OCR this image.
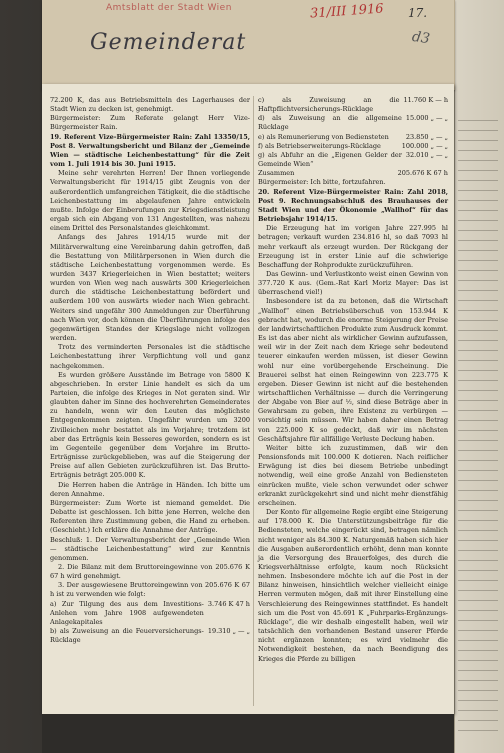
Amtsblatt der Stadt Wien	31/III 1916 17.
Gemeinderat	d3

72.200 K, das aus Betriebsmitteln des Lagerhauses der Stadt Wien zu decken ist, genehmigt.

Bürgermeister: Zum Referate gelangt Herr Vize-Bürgermeister Rain.

19. Referent Vize-Bürgermeister Rain: Zahl 13350/15, Post 8. Verwaltungsbericht und Bilanz der „Gemeinde Wien — städtische Leichenbestattung“ für die Zeit vom 1. Juli 1914 bis 30. Juni 1915.

Meine sehr verehrten Herren! Der Ihnen vorliegende Verwaltungsbericht für 1914/15 gibt Zeugnis von der außerordentlich umfangreichen Tätigkeit, die die städtische Leichenbestattung im abgelaufenen Jahre entwickeln mußte. Infolge der Einberufungen zur Kriegsdienstleistung ergab sich ein Abgang von 131 Angestellten, was nahezu einem Drittel des Personalstandes gleichkommt.

Anfangs des Jahres 1914/15 wurde mit der Militärverwaltung eine Vereinbarung dahin getroffen, daß die Bestattung von Militärpersonen in Wien durch die städtische Leichenbestattung vorgenommen werde. Es wurden 3437 Kriegerleichen in Wien bestattet; weiters wurden von Wien weg nach auswärts 300 Kriegerleichen durch die städtische Leichenbestattung befördert und außerdem 100 von auswärts wieder nach Wien gebracht. Weiters sind ungefähr 300 Anmeldungen zur Überführung nach Wien vor, doch können die Überführungen infolge des gegenwärtigen Standes der Kriegslage nicht vollzogen werden.

Trotz des verminderten Personales ist die städtische Leichenbestattung ihrer Verpflichtung voll und ganz nachgekommen.

Es wurden größere Ausstände im Betrage von 5800 K abgeschrieben. In erster Linie handelt es sich da um Parteien, die infolge des Krieges in Not geraten sind. Wir glaubten daher im Sinne des hochverehrten Gemeinderates zu handeln, wenn wir den Leuten das möglichste Entgegenkommen zeigten. Ungefähr wurden um 3200 Zivilleichen mehr bestattet als im Vorjahre; trotzdem ist aber das Erträgnis kein Besseres geworden, sondern es ist im Gegenteile gegenüber dem Vorjahre im Brutto-Erträgnisse zurückgeblieben, was auf die Steigerung der Preise auf allen Gebieten zurückzuführen ist. Das Brutto-Erträgnis beträgt 205.000 K.

Die Herren haben die Anträge in Händen. Ich bitte um deren Annahme.

Bürgermeister: Zum Worte ist niemand gemeldet. Die Debatte ist geschlossen. Ich bitte jene Herren, welche den Referenten ihre Zustimmung geben, die Hand zu erheben. (Geschieht.) Ich erkläre die Annahme der Anträge.

Beschluß: 1. Der Verwaltungsbericht der „Gemeinde Wien — städtische Leichenbestattung“ wird zur Kenntnis genommen.

2. Die Bilanz mit dem Bruttoreingewinne von 205.676 K 67 h wird genehmigt.

3. Der ausgewiesene Bruttoreingewinn von 205.676 K 67 h ist zu verwenden wie folgt:

a) Zur Tilgung des aus dem Investitions-Anlehen vom Jahre 1908 aufgewendeten Anlagekapitales
3.746 K 47 h
b) als Zuweisung an die Feuerversicherungs-Rücklage
19.310 „ — „
c) als Zuweisung an die Haftpflichtversicherungs-Rücklage
11.760 K — h
d) als Zuweisung an die allgemeine Rücklage
15.000 „ — „
e) als Remunerierung von Bediensteten	23.850 „ — „
f) als Betriebserweiterungs-Rücklage	100.000 „ — „
g) als Abfuhr an die „Eigenen Gelder der Gemeinde Wien“
32.010 „ — „
Zusammen	205.676 K 67 h

Bürgermeister: Ich bitte, fortzufahren.

20. Referent Vize-Bürgermeister Rain: Zahl 2018, Post 9. Rechnungsabschluß des Brauhauses der Stadt Wien und der Ökonomie „Wallhof“ für das Betriebsjahr 1914/15.

Die Erzeugung hat im vorigen Jahre 227.995 hl betragen; verkauft wurden 234.816 hl, so daß 7093 hl mehr verkauft als erzeugt wurden. Der Rückgang der Erzeugung ist in erster Linie auf die schwierige Beschaffung der Rohprodukte zurückzuführen.

Das Gewinn- und Verlustkonto weist einen Gewinn von 377.720 K aus. (Gem.-Rat Karl Moriz Mayer: Das ist überraschend viel!)

Insbesondere ist da zu betonen, daß die Wirtschaft „Wallhof“ einen Betriebsüberschuß von 153.944 K gebracht hat, wodurch die enorme Steigerung der Preise der landwirtschaftlichen Produkte zum Ausdruck kommt. Es ist das aber nicht als wirklicher Gewinn aufzufassen, weil wir in der Zeit nach dem Kriege sehr bedeutend teuerer einkaufen werden müssen, ist dieser Gewinn wohl nur eine vorübergehende Erscheinung. Die Brauerei selbst hat einen Reingewinn von 223.775 K ergeben. Dieser Gewinn ist nicht auf die bestehenden wirtschaftlichen Verhältnisse — durch die Verringerung der Abgabe von Bier auf ½, sind diese Beträge aber in Gewahrsam zu geben, ihre Existenz zu verbürgen — vorsichtig sein müssen. Wir haben daher einen Betrag von 225.000 K so gedeckt, daß wir im nächsten Geschäftsjahre für allfällige Verluste Deckung haben.

Weiter bitte ich zuzustimmen, daß wir den Pensionsfonds mit 100.000 K dotieren. Nach reiflicher Erwägung ist dies bei diesem Betriebe unbedingt notwendig, weil eine große Anzahl von Bediensteten einrücken mußte, viele schon verwundet oder schwer erkrankt zurückgekehrt sind und nicht mehr dienstfähig erscheinen.

Der Konto für allgemeine Regie ergibt eine Steigerung auf 178.000 K. Die Unterstützungsbeiträge für die Bediensteten, welche eingerückt sind, betragen nämlich nicht weniger als 84.300 K. Naturgemäß haben sich hier die Ausgaben außerordentlich erhöht, denn man konnte ja die Versorgung des Brauerfolges, des durch die Kriegsverhältnisse erfolgte, kaum noch Rücksicht nehmen. Insbesondere möchte ich auf die Post in der Bilanz hinweisen, hinsichtlich welcher vielleicht einige Herren vermuten mögen, daß mit ihrer Einstellung eine Verschleierung des Reingewinnes stattfindet. Es handelt sich um die Post von 45.691 K „Fuhrparks-Ergänzungs-Rücklage“, die wir deshalb eingestellt haben, weil wir tatsächlich den vorhandenen Bestand unserer Pferde nicht ergänzen konnten; es wird vielmehr die Notwendigkeit bestehen, da nach Beendigung des Krieges die Pferde zu billigen
